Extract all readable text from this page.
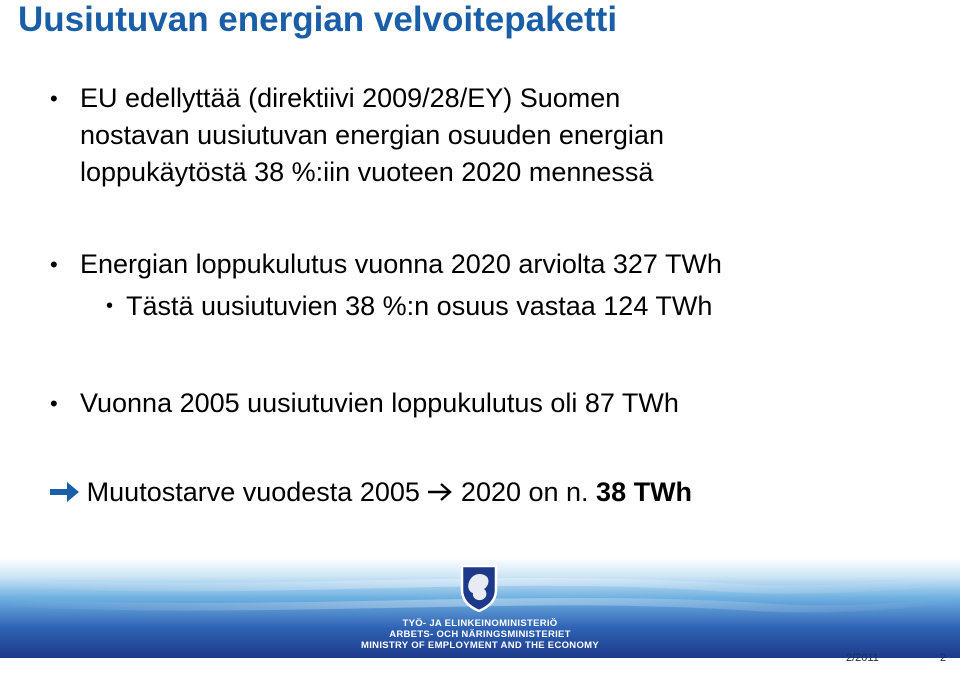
Uusiutuvan energian velvoitepaketti
• EU edellyttää (direktiivi 2009/28/EY) Suomen
nostavan uusiutuvan energian osuuden energian
loppukäytöstä 38 %:iin vuoteen 2020 mennessä
• Energian loppukulutus vuonna 2020 arviolta 327 TWh
• Tästä uusiutuvien 38 %:n osuus vastaa 124 TWh
• Vuonna 2005 uusiutuvien loppukulutus oli 87 TWh
Muutostarve vuodesta 2005  2020 on n. 38 TWh
TYÖ- JA ELINKEINOMINISTERIÖ
ARBETS- OCH NÄRINGSMINISTERIET
MINISTRY OF EMPLOYMENT AND THE ECONOMY
2/2011	2
